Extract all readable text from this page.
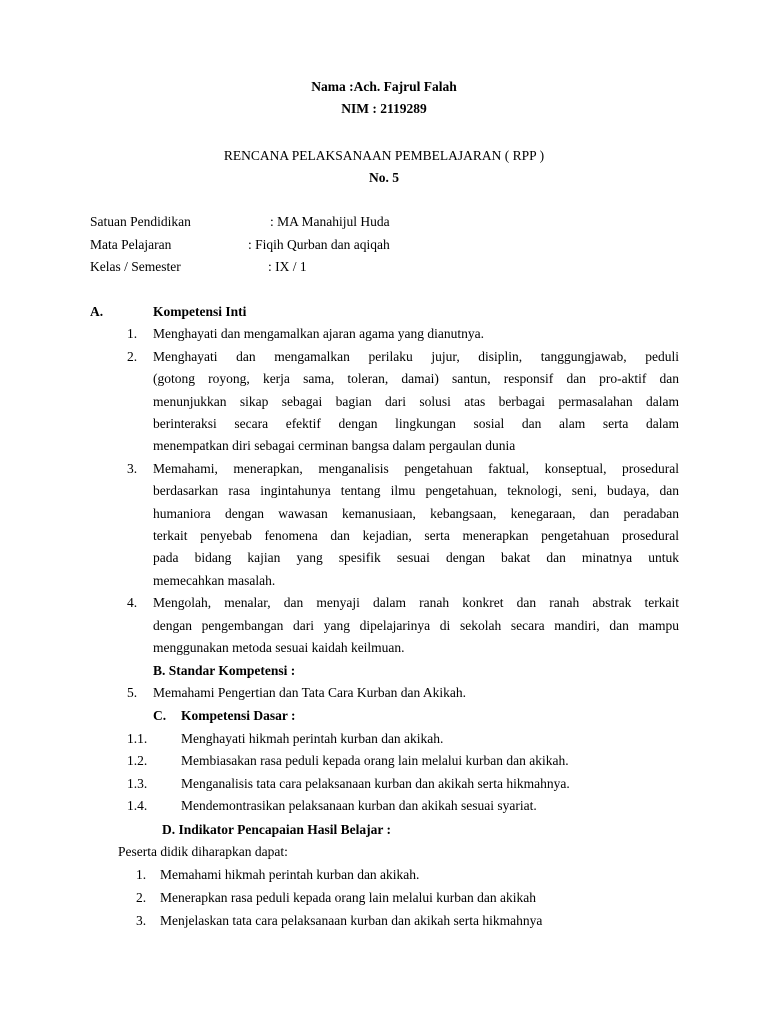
Nama :Ach. Fajrul Falah
NIM : 2119289
RENCANA PELAKSANAAN PEMBELAJARAN ( RPP )
No. 5
Satuan Pendidikan	: MA Manahijul Huda
Mata Pelajaran	: Fiqih Qurban dan aqiqah
Kelas / Semester	: IX / 1
A.	Kompetensi Inti
1. Menghayati dan mengamalkan ajaran agama yang dianutnya.
2. Menghayati dan mengamalkan perilaku jujur, disiplin, tanggungjawab, peduli
(gotong royong, kerja sama, toleran, damai) santun, responsif dan pro-aktif dan
menunjukkan sikap sebagai bagian dari solusi atas berbagai permasalahan dalam
berinteraksi secara efektif dengan lingkungan sosial dan alam serta dalam
menempatkan diri sebagai cerminan bangsa dalam pergaulan dunia
3. Memahami, menerapkan, menganalisis pengetahuan faktual, konseptual, prosedural
berdasarkan rasa ingintahunya tentang ilmu pengetahuan, teknologi, seni, budaya, dan
humaniora dengan wawasan kemanusiaan, kebangsaan, kenegaraan, dan peradaban
terkait penyebab fenomena dan kejadian, serta menerapkan pengetahuan prosedural
pada bidang kajian yang spesifik sesuai dengan bakat dan minatnya untuk
memecahkan masalah.
4. Mengolah, menalar, dan menyaji dalam ranah konkret dan ranah abstrak terkait
dengan pengembangan dari yang dipelajarinya di sekolah secara mandiri, dan mampu
menggunakan metoda sesuai kaidah keilmuan.
B. Standar Kompetensi :
5. Memahami Pengertian dan Tata Cara Kurban dan Akikah.
C. Kompetensi Dasar :
1.1.	Menghayati hikmah perintah kurban dan akikah.
1.2.	Membiasakan rasa peduli kepada orang lain melalui kurban dan akikah.
1.3.	Menganalisis tata cara pelaksanaan kurban dan akikah serta hikmahnya.
1.4.	Mendemontrasikan pelaksanaan kurban dan akikah sesuai syariat.
D. Indikator Pencapaian Hasil Belajar :
Peserta didik diharapkan dapat:
1. Memahami hikmah perintah kurban dan akikah.
2. Menerapkan rasa peduli kepada orang lain melalui kurban dan akikah
3. Menjelaskan tata cara pelaksanaan kurban dan akikah serta hikmahnya
